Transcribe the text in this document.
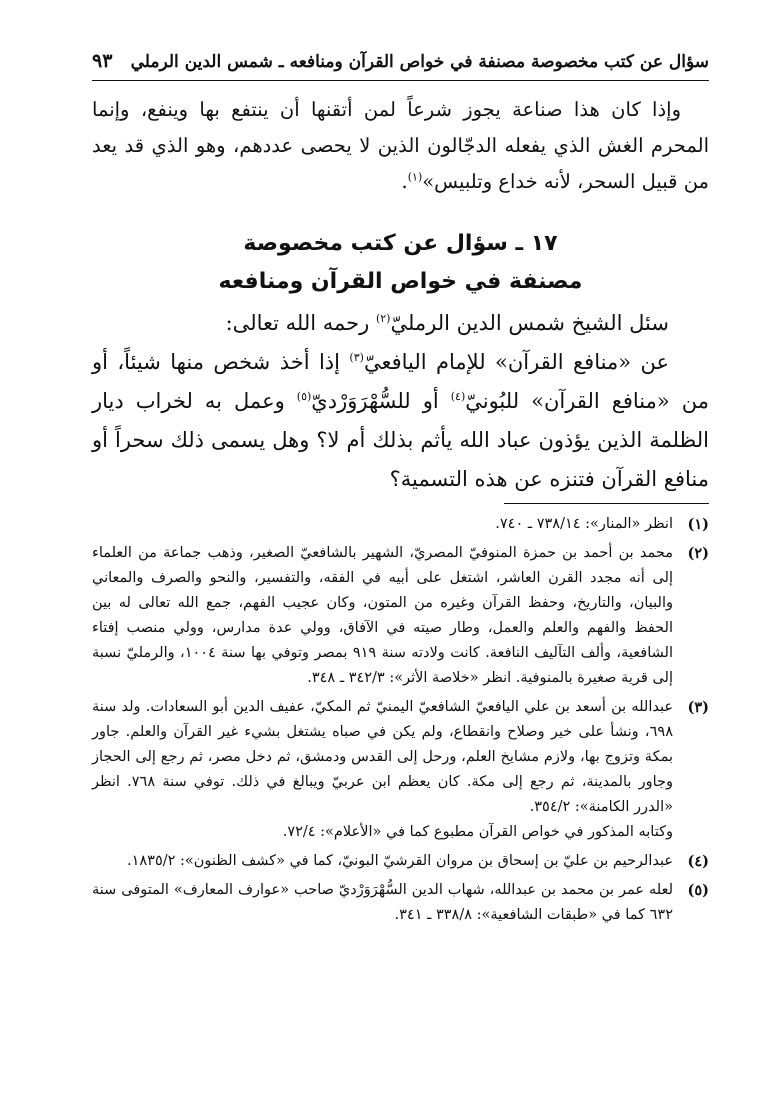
سؤال عن كتب مخصوصة مصنفة في خواص القرآن ومنافعه ـ شمس الدين الرملي
٩٣

وإذا كان هذا صناعة يجوز شرعاً لمن أتقنها أن ينتفع بها وينفع، وإنما المحرم الغش الذي يفعله الدجّالون الذين لا يحصى عددهم، وهو الذي قد يعد من قبيل السحر، لأنه خداع وتلبيس»$^{(١)}$.

١٧ ـ سؤال عن كتب مخصوصة
مصنفة في خواص القرآن ومنافعه

سئل الشيخ شمس الدين الرمليّ$^{(٢)}$ رحمه الله تعالى:

عن «منافع القرآن» للإمام اليافعيّ$^{(٣)}$ إذا أخذ شخص منها شيئاً، أو من «منافع القرآن» للبُونيّ$^{(٤)}$ أو للسُّهْرَوَرْديّ$^{(٥)}$ وعمل به لخراب ديار الظلمة الذين يؤذون عباد الله يأثم بذلك أم لا؟ وهل يسمى ذلك سحراً أو منافع القرآن فتنزه عن هذه التسمية؟

(١)

انظر «المنار»: ٧٣٨/١٤ ـ ٧٤٠.

(٢)

محمد بن أحمد بن حمزة المنوفيّ المصريّ، الشهير بالشافعيّ الصغير، وذهب جماعة من العلماء إلى أنه مجدد القرن العاشر، اشتغل على أبيه في الفقه، والتفسير، والنحو والصرف والمعاني والبيان، والتاريخ، وحفظ القرآن وغيره من المتون، وكان عجيب الفهم، جمع الله تعالى له بين الحفظ والفهم والعلم والعمل، وطار صيته في الآفاق، وولي عدة مدارس، وولي منصب إفتاء الشافعية، وألف التآليف النافعة. كانت ولادته سنة ٩١٩ بمصر وتوفي بها سنة ١٠٠٤، والرمليّ نسبة إلى قرية صغيرة بالمنوفية. انظر «خلاصة الأثر»: ٣٤٢/٣ ـ ٣٤٨.

(٣)

عبدالله بن أسعد بن علي اليافعيّ الشافعيّ اليمنيّ ثم المكيّ، عفيف الدين أبو السعادات. ولد سنة ٦٩٨، ونشأ على خير وصلاح وانقطاع، ولم يكن في صباه يشتغل بشيء غير القرآن والعلم. جاور بمكة وتزوج بها، ولازم مشايخ العلم، ورحل إلى القدس ودمشق، ثم دخل مصر، ثم رجع إلى الحجاز وجاور بالمدينة، ثم رجع إلى مكة. كان يعظم ابن عربيّ ويبالغ في ذلك. توفي سنة ٧٦٨. انظر «الدرر الكامنة»: ٣٥٤/٢.

وكتابه المذكور في خواص القرآن مطبوع كما في «الأعلام»: ٧٢/٤.

(٤)

عبدالرحيم بن عليّ بن إسحاق بن مروان القرشيّ البونيّ، كما في «كشف الظنون»: ١٨٣٥/٢.

(٥)

لعله عمر بن محمد بن عبدالله، شهاب الدين السُّهْرَوَرْديّ صاحب «عوارف المعارف» المتوفى سنة ٦٣٢ كما في «طبقات الشافعية»: ٣٣٨/٨ ـ ٣٤١.
